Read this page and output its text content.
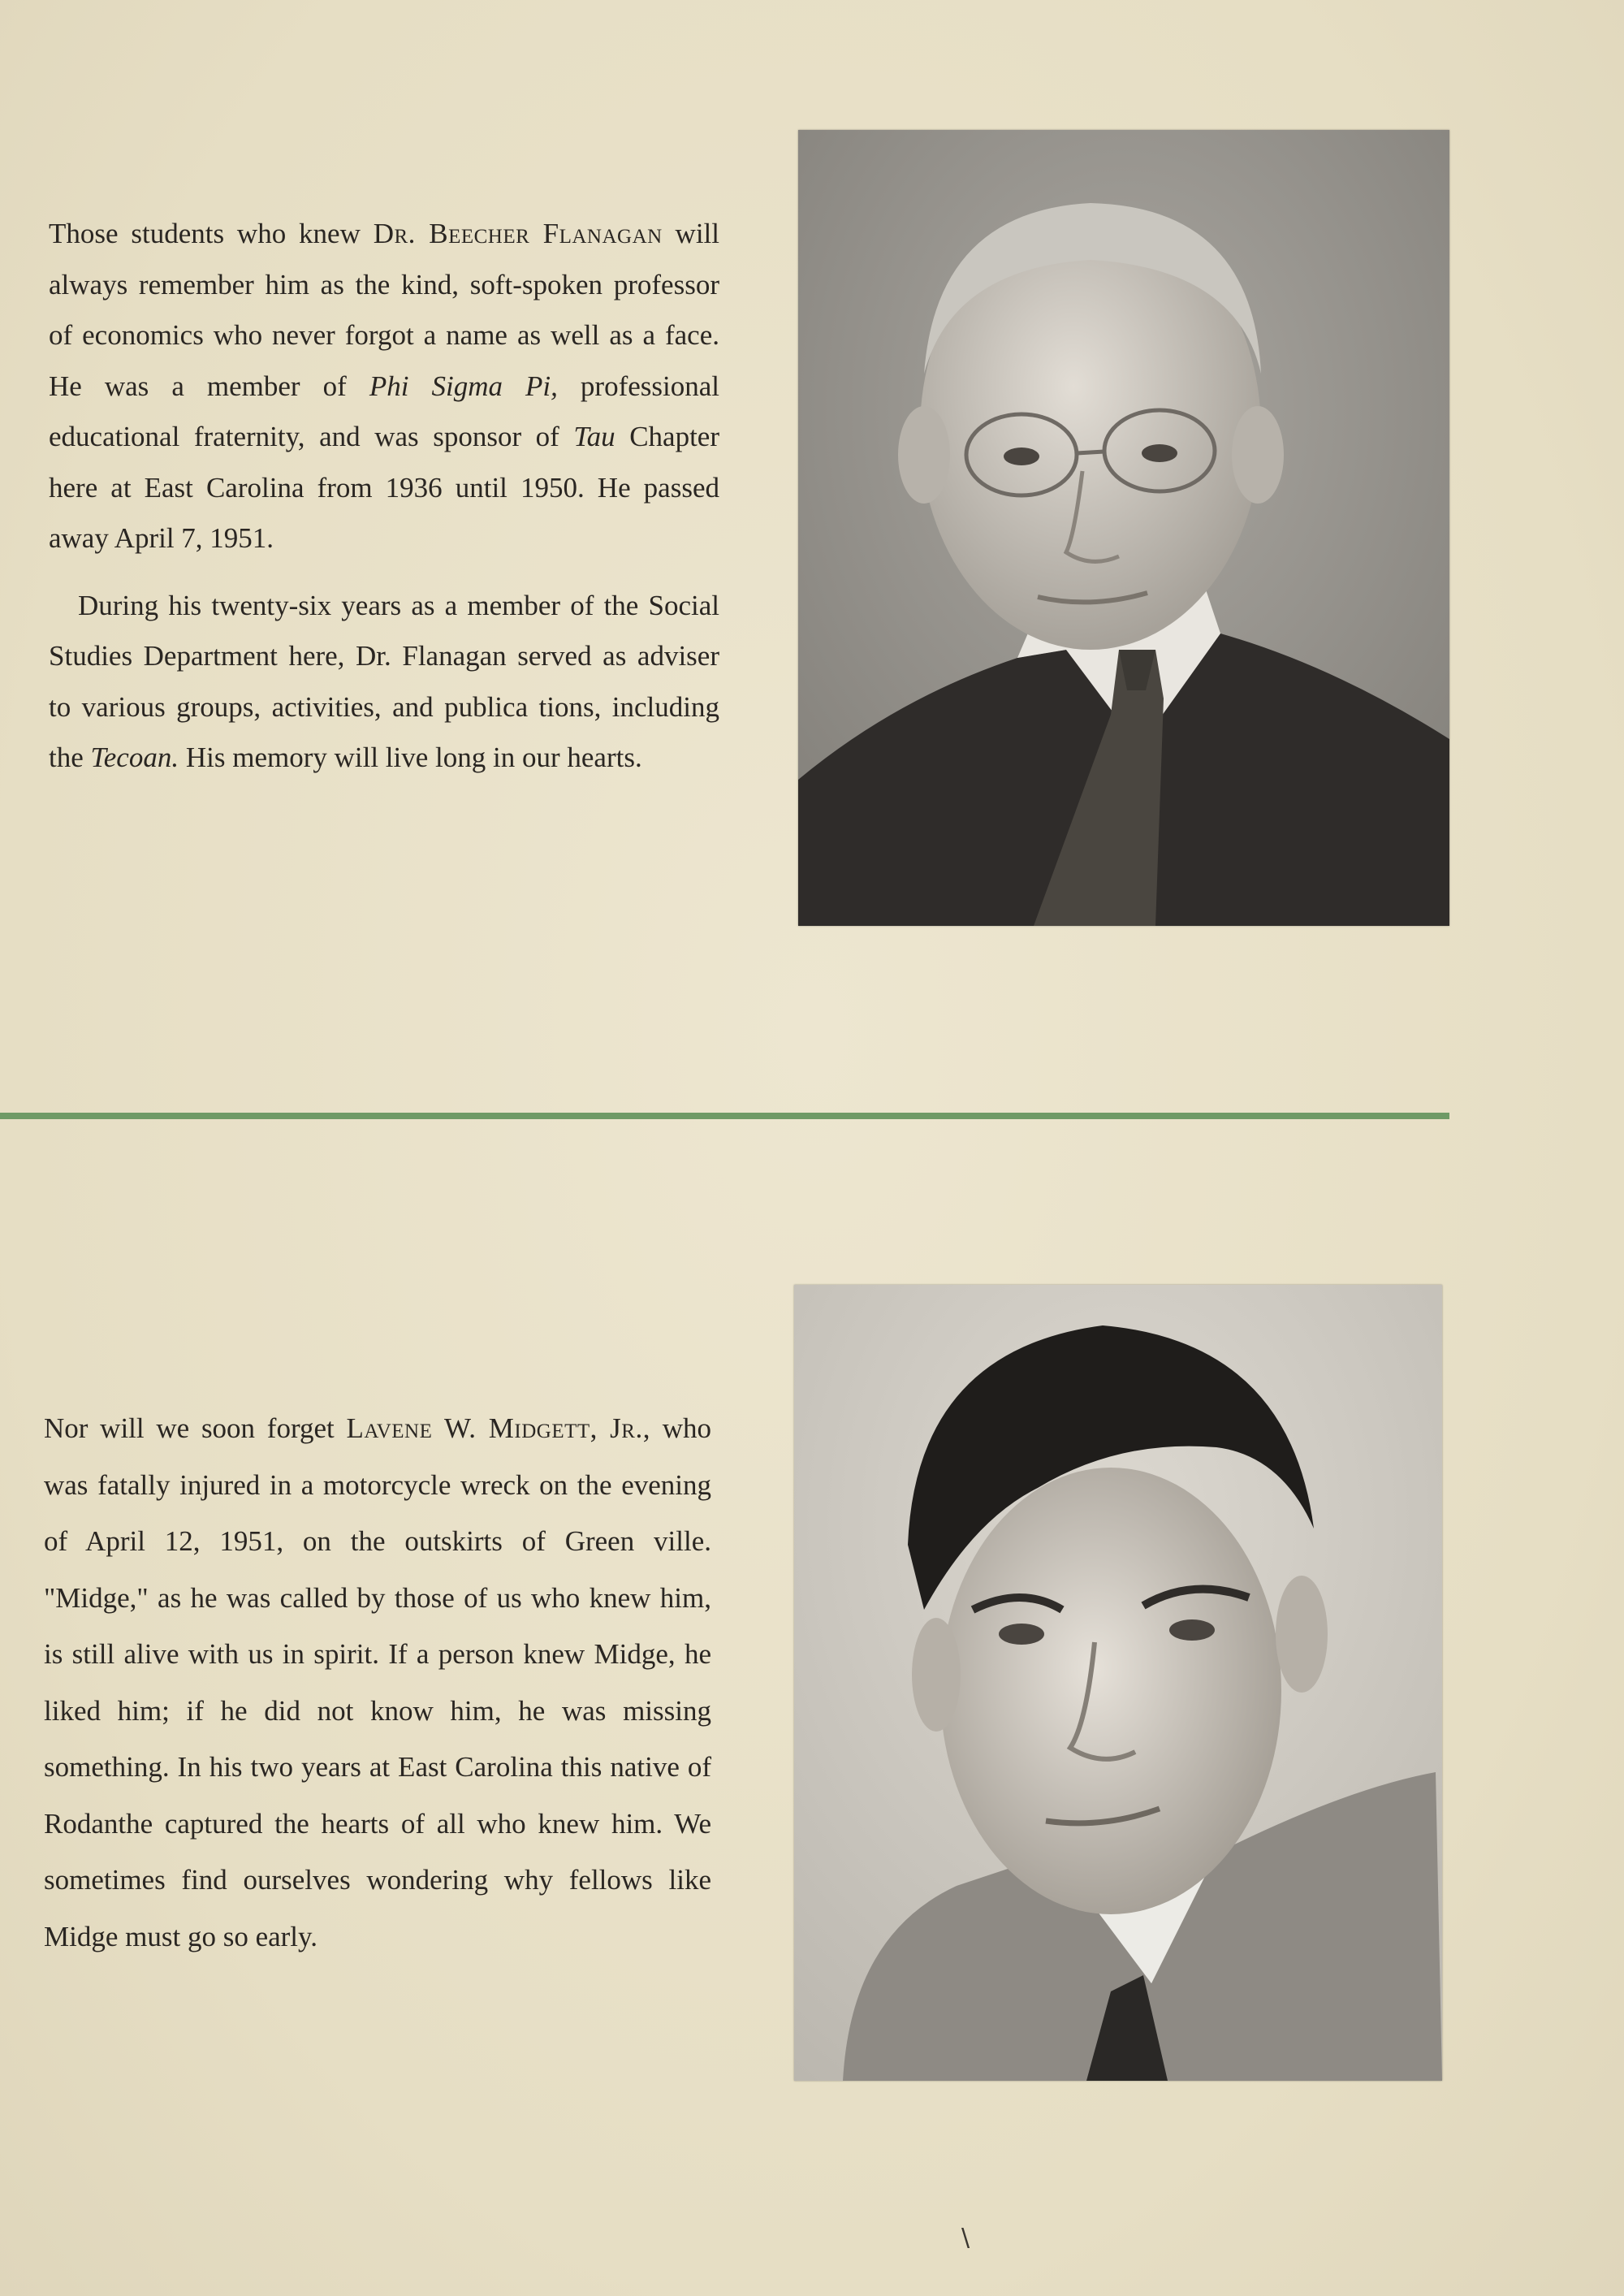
Those students who knew Dr. Beecher Flanagan will always remember him as the kind, soft-spoken professor of economics who never forgot a name as well as a face. He was a member of Phi Sigma Pi, professional educational fraternity, and was sponsor of Tau Chapter here at East Carolina from 1936 until 1950. He passed away April 7, 1951.

During his twenty-six years as a member of the Social Studies Department here, Dr. Flanagan served as adviser to various groups, activities, and publica tions, including the Tecoan. His memory will live long in our hearts.

Nor will we soon forget Lavene W. Midgett, Jr., who was fatally injured in a motorcycle wreck on the evening of April 12, 1951, on the outskirts of Green ville. "Midge," as he was called by those of us who knew him, is still alive with us in spirit. If a person knew Midge, he liked him; if he did not know him, he was missing something. In his two years at East Carolina this native of Rodanthe captured the hearts of all who knew him. We sometimes find ourselves wondering why fellows like Midge must go so early.

\
